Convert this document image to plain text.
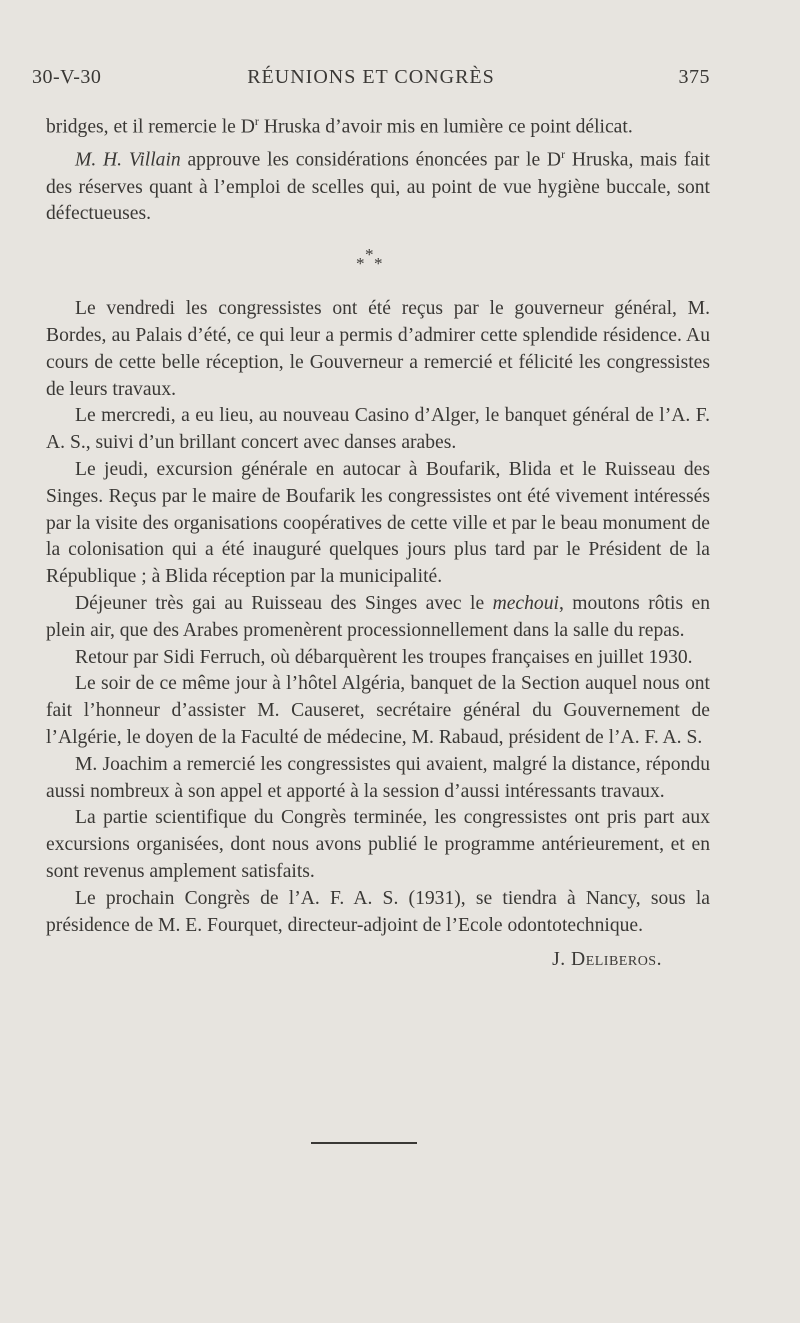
30-V-30	RÉUNIONS ET CONGRÈS	375

bridges, et il remercie le $D^r$ Hruska d’avoir mis en lumière ce point délicat.

M. H. Villain approuve les considérations énoncées par le $D^r$ Hruska, mais fait des réserves quant à l’emploi de scelles qui, au point de vue hygiène buccale, sont défectueuses.

*
* *

Le vendredi les congressistes ont été reçus par le gouverneur général, M. Bordes, au Palais d’été, ce qui leur a permis d’admirer cette splendide résidence. Au cours de cette belle réception, le Gouverneur a remercié et félicité les congressistes de leurs travaux.

Le mercredi, a eu lieu, au nouveau Casino d’Alger, le banquet général de l’A. F. A. S., suivi d’un brillant concert avec danses arabes.

Le jeudi, excursion générale en autocar à Boufarik, Blida et le Ruisseau des Singes. Reçus par le maire de Boufarik les congressistes ont été vivement intéressés par la visite des organisations coopératives de cette ville et par le beau monument de la colonisation qui a été inauguré quelques jours plus tard par le Président de la République ; à Blida réception par la municipalité.

Déjeuner très gai au Ruisseau des Singes avec le mechoui, moutons rôtis en plein air, que des Arabes promenèrent processionnellement dans la salle du repas.

Retour par Sidi Ferruch, où débarquèrent les troupes françaises en juillet 1930.

Le soir de ce même jour à l’hôtel Algéria, banquet de la Section auquel nous ont fait l’honneur d’assister M. Causeret, secrétaire général du Gouvernement de l’Algérie, le doyen de la Faculté de médecine, M. Rabaud, président de l’A. F. A. S.

M. Joachim a remercié les congressistes qui avaient, malgré la distance, répondu aussi nombreux à son appel et apporté à la session d’aussi intéressants travaux.

La partie scientifique du Congrès terminée, les congressistes ont pris part aux excursions organisées, dont nous avons publié le programme antérieurement, et en sont revenus amplement satisfaits.

Le prochain Congrès de l’A. F. A. S. (1931), se tiendra à Nancy, sous la présidence de M. E. Fourquet, directeur-adjoint de l’Ecole odontotechnique.

J. Deliberos.
